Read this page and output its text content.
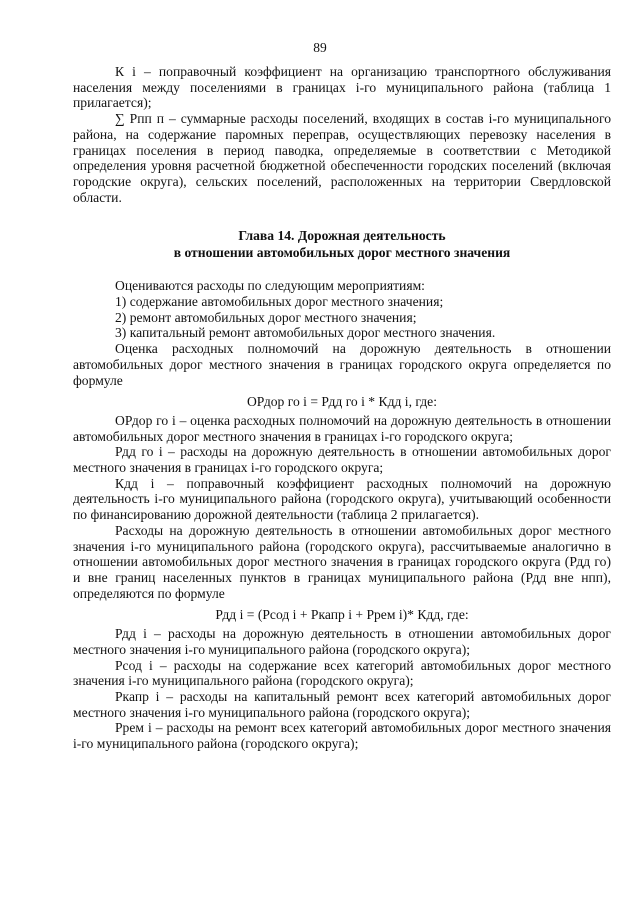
89

К i – поправочный коэффициент на организацию транспортного обслуживания населения между поселениями в границах i-го муниципального района (таблица 1 прилагается);

∑ Рпп п – суммарные расходы поселений, входящих в состав i-го муниципального района, на содержание паромных переправ, осуществляющих перевозку населения в границах поселения в период паводка, определяемые в соответствии с Методикой определения уровня расчетной бюджетной обеспеченности городских поселений (включая городские округа), сельских поселений, расположенных на территории Свердловской области.

Глава 14. Дорожная деятельность
в отношении автомобильных дорог местного значения

Оцениваются расходы по следующим мероприятиям:

1) содержание автомобильных дорог местного значения;

2) ремонт автомобильных дорог местного значения;

3) капитальный ремонт автомобильных дорог местного значения.

Оценка расходных полномочий на дорожную деятельность в отношении автомобильных дорог местного значения в границах городского округа определяется по формуле

ОРдор го i = Рдд го i * Кдд i, где:

ОРдор го i – оценка расходных полномочий на дорожную деятельность в отношении автомобильных дорог местного значения в границах i-го городского округа;

Рдд го i – расходы на дорожную деятельность в отношении автомобильных дорог местного значения в границах i-го городского округа;

Кдд i – поправочный коэффициент расходных полномочий на дорожную деятельность i-го муниципального района (городского округа), учитывающий особенности по финансированию дорожной деятельности (таблица 2 прилагается).

Расходы на дорожную деятельность в отношении автомобильных дорог местного значения i-го муниципального района (городского округа), рассчитываемые аналогично в отношении автомобильных дорог местного значения в границах городского округа (Рдд го) и вне границ населенных пунктов в границах муниципального района (Рдд вне нпп), определяются по формуле

Рдд i = (Рсод i + Ркапр i + Ррем i)* Кдд, где:

Рдд i – расходы на дорожную деятельность в отношении автомобильных дорог местного значения i-го муниципального района (городского округа);

Рсод i – расходы на содержание всех категорий автомобильных дорог местного значения i-го муниципального района (городского округа);

Ркапр i – расходы на капитальный ремонт всех категорий автомобильных дорог местного значения i-го муниципального района (городского округа);

Ррем i – расходы на ремонт всех категорий автомобильных дорог местного значения i-го муниципального района (городского округа);
